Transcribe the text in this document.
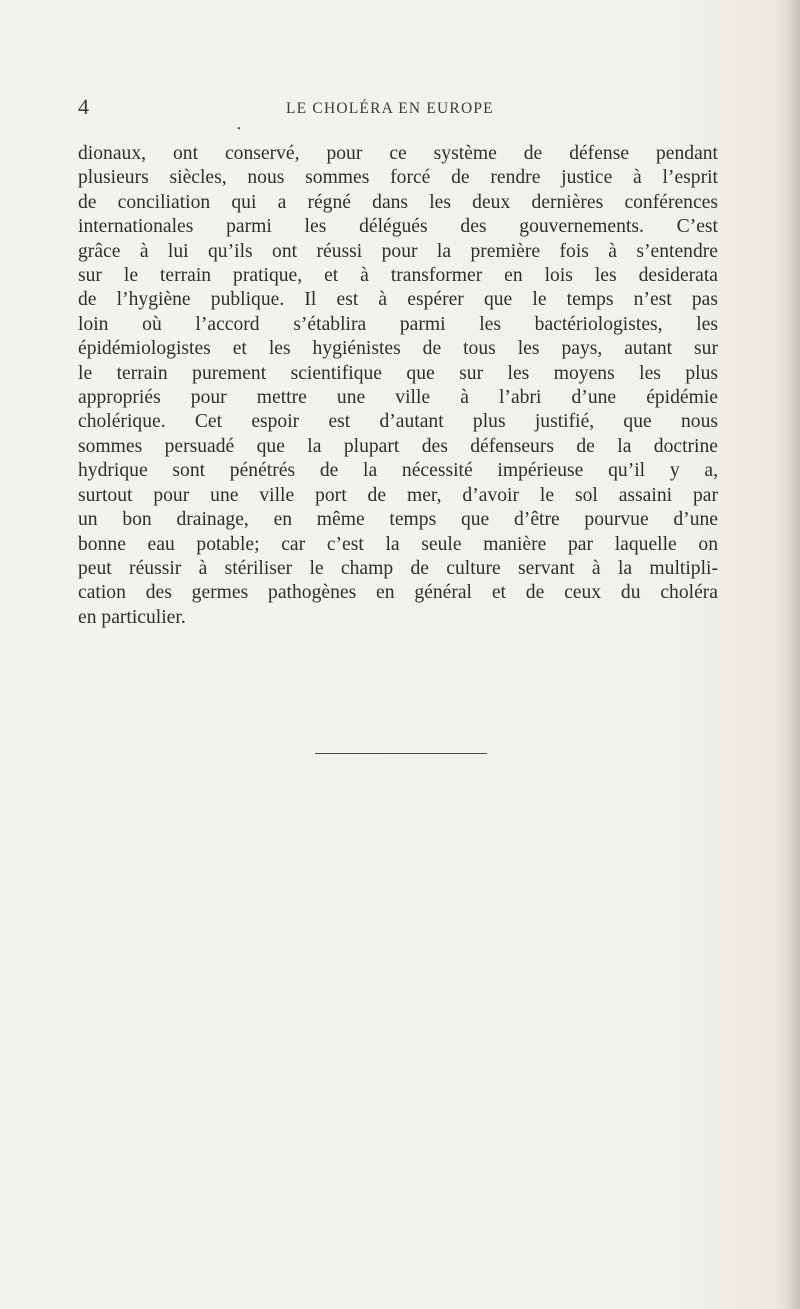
4	LE CHOLÉRA EN EUROPE
•
dionaux, ont conservé, pour ce système de défense pendant
plusieurs siècles, nous sommes forcé de rendre justice à l’esprit
de conciliation qui a régné dans les deux dernières conférences
internationales parmi les délégués des gouvernements. C’est
grâce à lui qu’ils ont réussi pour la première fois à s’entendre
sur le terrain pratique, et à transformer en lois les desiderata
de l’hygiène publique. Il est à espérer que le temps n’est pas
loin où l’accord s’établira parmi les bactériologistes, les
épidémiologistes et les hygiénistes de tous les pays, autant sur
le terrain purement scientifique que sur les moyens les plus
appropriés pour mettre une ville à l’abri d’une épidémie
cholérique. Cet espoir est d’autant plus justifié, que nous
sommes persuadé que la plupart des défenseurs de la doctrine
hydrique sont pénétrés de la nécessité impérieuse qu’il y a,
surtout pour une ville port de mer, d’avoir le sol assaini par
un bon drainage, en même temps que d’être pourvue d’une
bonne eau potable; car c’est la seule manière par laquelle on
peut réussir à stériliser le champ de culture servant à la multipli-
cation des germes pathogènes en général et de ceux du choléra
en particulier.
